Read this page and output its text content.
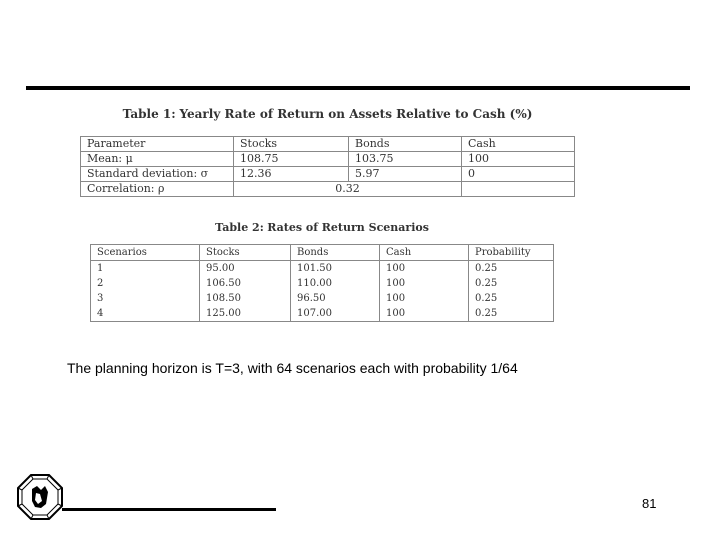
Table 1: Yearly Rate of Return on Assets Relative to Cash (%)
Parameter	Stocks	Bonds	Cash
Mean: μ	108.75	103.75	100
Standard deviation: σ	12.36	5.97	0
Correlation: ρ	0.32		
Table 2: Rates of Return Scenarios
Scenarios	Stocks	Bonds	Cash	Probability
1	95.00	101.50	100	0.25
2	106.50	110.00	100	0.25
3	108.50	96.50	100	0.25
4	125.00	107.00	100	0.25
The planning horizon is T=3, with 64 scenarios each with probability 1/64
81
